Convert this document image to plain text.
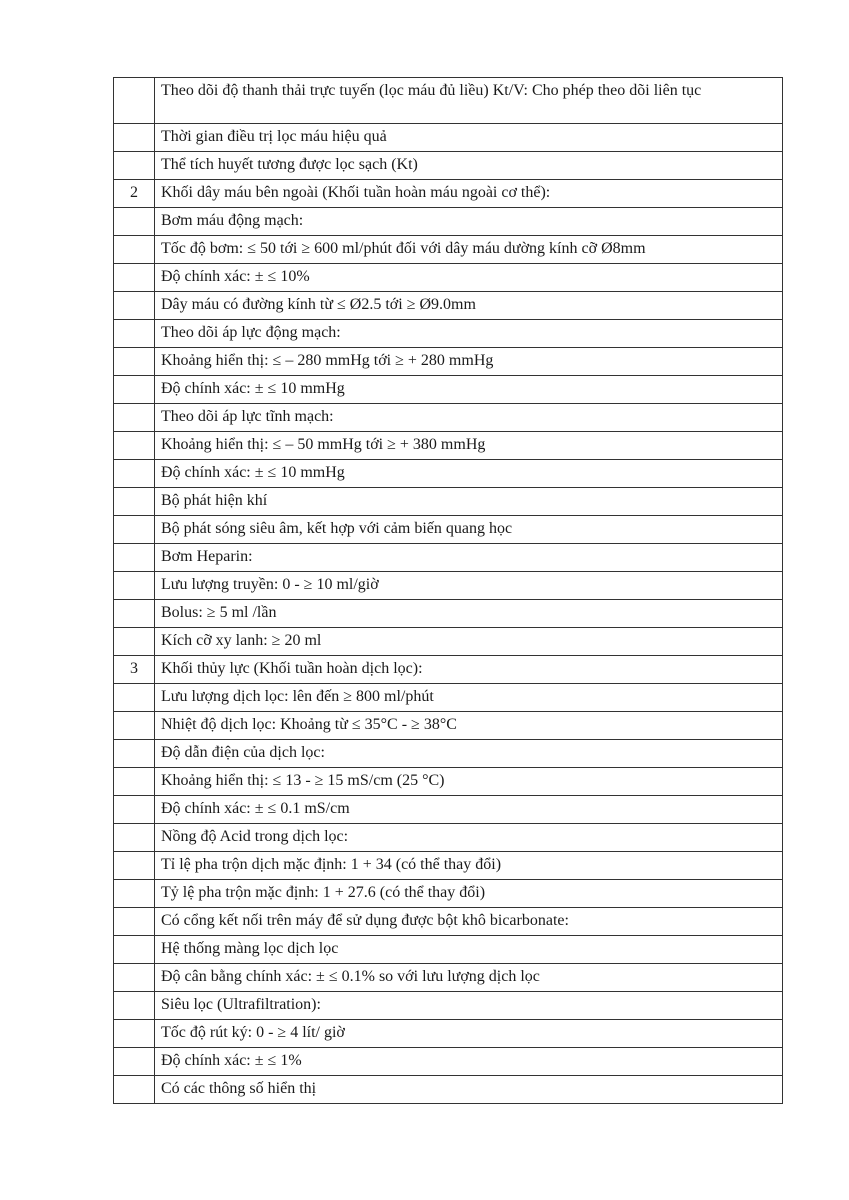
	Theo dõi độ thanh thải trực tuyến (lọc máu đủ liều) Kt/V: Cho phép theo dõi liên tục
	Thời gian điều trị lọc máu hiệu quả
	Thể tích huyết tương được lọc sạch (Kt)
2	Khối dây máu bên ngoài (Khối tuần hoàn máu ngoài cơ thể):
	Bơm máu động mạch:
	Tốc độ bơm: ≤ 50 tới ≥ 600 ml/phút đối với dây máu dường kính cỡ Ø8mm
	Độ chính xác: ± ≤ 10%
	Dây máu có đường kính từ ≤ Ø2.5 tới ≥ Ø9.0mm
	Theo dõi áp lực động mạch:
	Khoảng hiển thị: ≤ – 280 mmHg tới ≥ + 280 mmHg
	Độ chính xác: ± ≤ 10 mmHg
	Theo dõi áp lực tĩnh mạch:
	Khoảng hiển thị: ≤ – 50 mmHg tới ≥ + 380 mmHg
	Độ chính xác: ± ≤ 10 mmHg
	Bộ phát hiện khí
	Bộ phát sóng siêu âm, kết hợp với cảm biến quang học
	Bơm Heparin:
	Lưu lượng truyền: 0 - ≥ 10 ml/giờ
	Bolus: ≥ 5 ml /lần
	Kích cỡ xy lanh: ≥ 20 ml
3	Khối thủy lực (Khối tuần hoàn dịch lọc):
	Lưu lượng dịch lọc: lên đến ≥ 800 ml/phút
	Nhiệt độ dịch lọc: Khoảng từ ≤ 35°C - ≥ 38°C
	Độ dẫn điện của dịch lọc:
	Khoảng hiển thị: ≤ 13 - ≥ 15 mS/cm (25 °C)
	Độ chính xác: ± ≤ 0.1 mS/cm
	Nồng độ Acid trong dịch lọc:
	Tỉ lệ pha trộn dịch mặc định: 1 + 34 (có thể thay đổi)
	Tỷ lệ pha trộn mặc định: 1 + 27.6 (có thể thay đổi)
	Có cổng kết nối trên máy để sử dụng được bột khô bicarbonate:
	Hệ thống màng lọc dịch lọc
	Độ cân bằng chính xác: ± ≤ 0.1% so với lưu lượng dịch lọc
	Siêu lọc (Ultrafiltration):
	Tốc độ rút ký: 0 - ≥ 4 lít/ giờ
	Độ chính xác: ± ≤ 1%
	Có các thông số hiển thị
